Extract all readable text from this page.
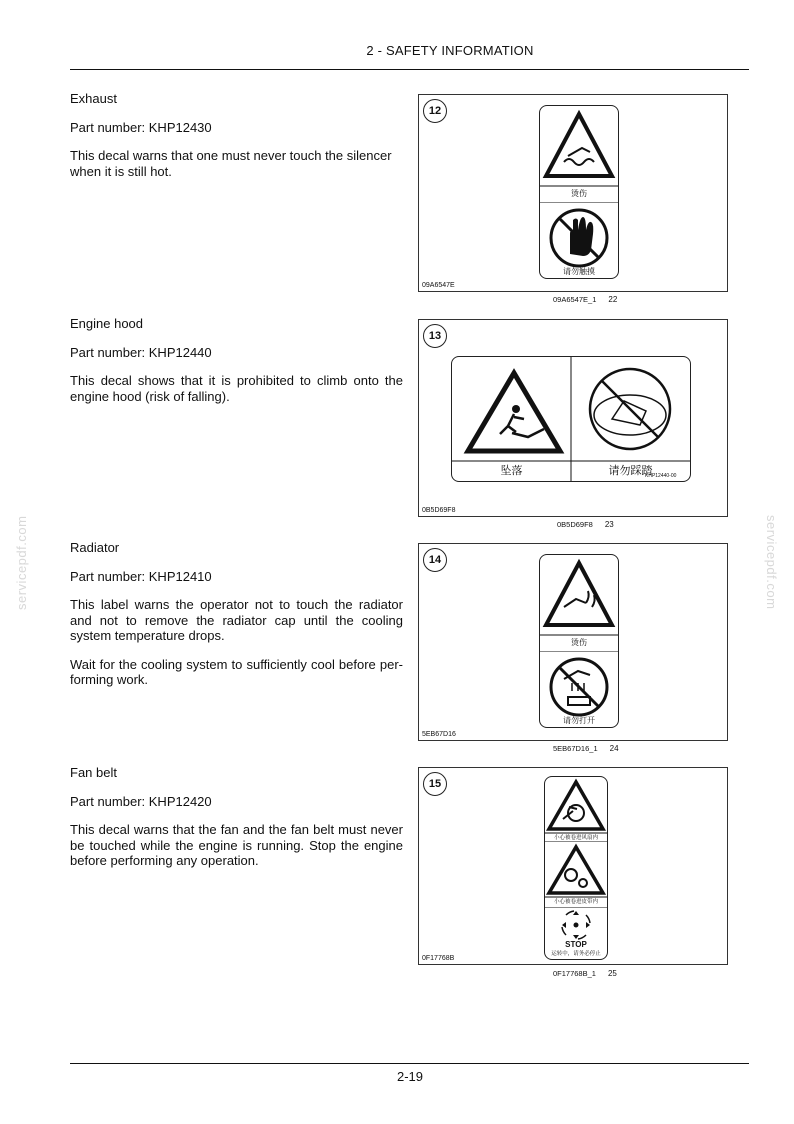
2 - SAFETY INFORMATION
servicepdf.com	servicepdf.com

Exhaust

Part number: KHP12430

This decal warns that one must never touch the silencer when it is still hot.

12
烫伤
请勿触摸
09A6547E
09A6547E_1 22

Engine hood

Part number: KHP12440

This decal shows that it is prohibited to climb onto the engine hood (risk of falling).

13
坠落	请勿踩踏
KHP12440-00
0B5D69F8
0B5D69F8 23

Radiator

Part number: KHP12410

This label warns the operator not to touch the radiator and not to remove the radiator cap until the cooling system temperature drops.

Wait for the cooling system to sufficiently cool before per-forming work.

14
烫伤
请勿打开
5EB67D16
5EB67D16_1 24

Fan belt

Part number: KHP12420

This decal warns that the fan and the fan belt must never be touched while the engine is running. Stop the engine before performing any operation.

15
小心被卷进风扇内
小心被卷进皮带内
STOP
运转中，请务必停止
0F17768B
0F17768B_1 25
2-19
